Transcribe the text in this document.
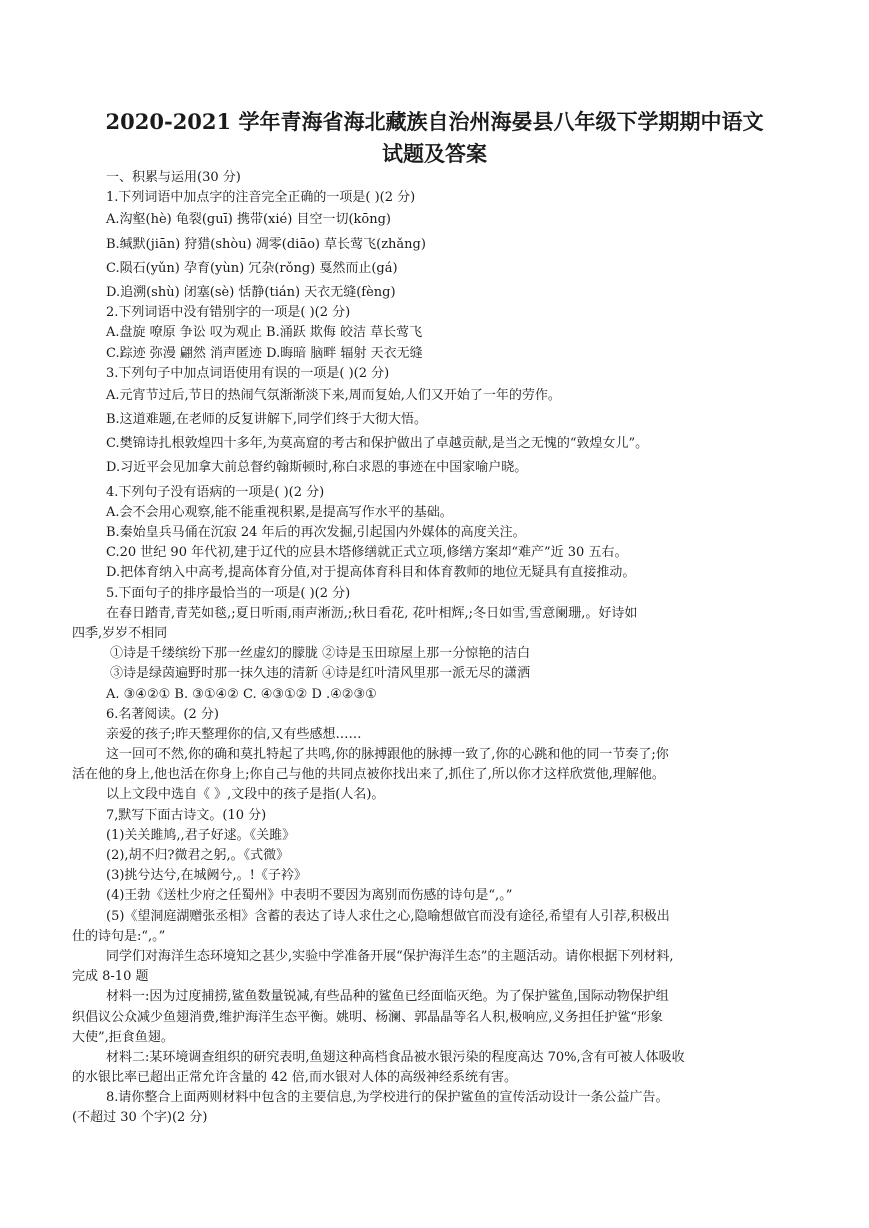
2020-2021 学年青海省海北藏族自治州海晏县八年级下学期期中语文
试题及答案
一、积累与运用(30 分)
1.下列词语中加点字的注音完全正确的一项是( )(2 分)
A.沟壑(hè) 龟裂(guī) 携带(xié) 目空一切(kōng)
B.缄默(jiān) 狩猎(shòu) 凋零(diāo) 草长莺飞(zhǎng)
C.陨石(yǔn) 孕育(yùn) 冗杂(rǒng) 戛然而止(gá)
D.追溯(shù) 闭塞(sè) 恬静(tián) 天衣无缝(fèng)
2.下列词语中没有错别字的一项是( )(2 分)
A.盘旋 嘹原 争讼 叹为观止 B.涌跃 欺侮 皎洁 草长莺飞
C.踪迹 弥漫 翩然 消声匿迹 D.晦暗 脑畔 辐射 天衣无缝
3.下列句子中加点词语使用有误的一项是( )(2 分)
A.元宵节过后,节日的热闹气氛渐渐淡下来,周而复始,人们又开始了一年的劳作。
B.这道难题,在老师的反复讲解下,同学们终于大彻大悟。
C.樊锦诗扎根敦煌四十多年,为莫高窟的考古和保护做出了卓越贡献,是当之无愧的“敦煌女儿”。
D.习近平会见加拿大前总督约翰斯顿时,称白求恩的事迹在中国家喻户晓。
4.下列句子没有语病的一项是( )(2 分)
A.会不会用心观察,能不能重视积累,是提高写作水平的基础。
B.秦始皇兵马俑在沉寂 24 年后的再次发掘,引起国内外媒体的高度关注。
C.20 世纪 90 年代初,建于辽代的应县木塔修缮就正式立项,修缮方案却“难产”近 30 五右。
D.把体育纳入中高考,提高体育分值,对于提高体育科目和体育教师的地位无疑具有直接推动。
5.下面句子的排序最恰当的一项是( )(2 分)
在春日踏青,青芜如毯,;夏日听雨,雨声淅沥,;秋日看花, 花叶相辉,;冬日如雪,雪意阑珊,。好诗如
四季,岁岁不相同
①诗是千缕缤纷下那一丝虚幻的朦胧 ②诗是玉田琼屋上那一分惊艳的洁白
③诗是绿茵遍野时那一抹久违的清新 ④诗是红叶清风里那一派无尽的潇洒
A. ③④②① B. ③①④② C. ④③①② D .④②③①
6.名著阅读。(2 分)
亲爱的孩子;昨天整理你的信,又有些感想……
这一回可不然,你的确和莫扎特起了共鸣,你的脉搏跟他的脉搏一致了,你的心跳和他的同一节奏了;你
活在他的身上,他也活在你身上;你自己与他的共同点被你找出来了,抓住了,所以你才这样欣赏他,理解他。
以上文段中选自《 》,文段中的孩子是指(人名)。
7,默写下面古诗文。(10 分)
(1)关关雎鸠,,君子好逑。《关雎》
(2),胡不归?微君之躬,。《式微》
(3)挑兮达兮,在城阙兮,。!《子衿》
(4)王勃《送杜少府之任蜀州》中表明不要因为离别而伤感的诗句是“,。”
(5)《望洞庭湖赠张丞相》含蓄的表达了诗人求仕之心,隐喻想做官而没有途径,希望有人引荐,积极出
仕的诗句是:“,。”
同学们对海洋生态环境知之甚少,实验中学准备开展“保护海洋生态”的主题活动。请你根据下列材料,
完成 8-10 题
材料一:因为过度捕捞,鲨鱼数量锐减,有些品种的鲨鱼已经面临灭绝。为了保护鲨鱼,国际动物保护组
织倡议公众减少鱼翅消费,维护海洋生态平衡。姚明、杨澜、郭晶晶等名人积,极响应,义务担任护鲨“形象
大使”,拒食鱼翅。
材料二:某环境调查组织的研究表明,鱼翅这种高档食品被水银污染的程度高达 70%,含有可被人体吸收
的水银比率已超出正常允许含量的 42 倍,而水银对人体的高级神经系统有害。
8.请你整合上面两则材料中包含的主要信息,为学校进行的保护鲨鱼的宣传活动设计一条公益广告。
(不超过 30 个字)(2 分)
